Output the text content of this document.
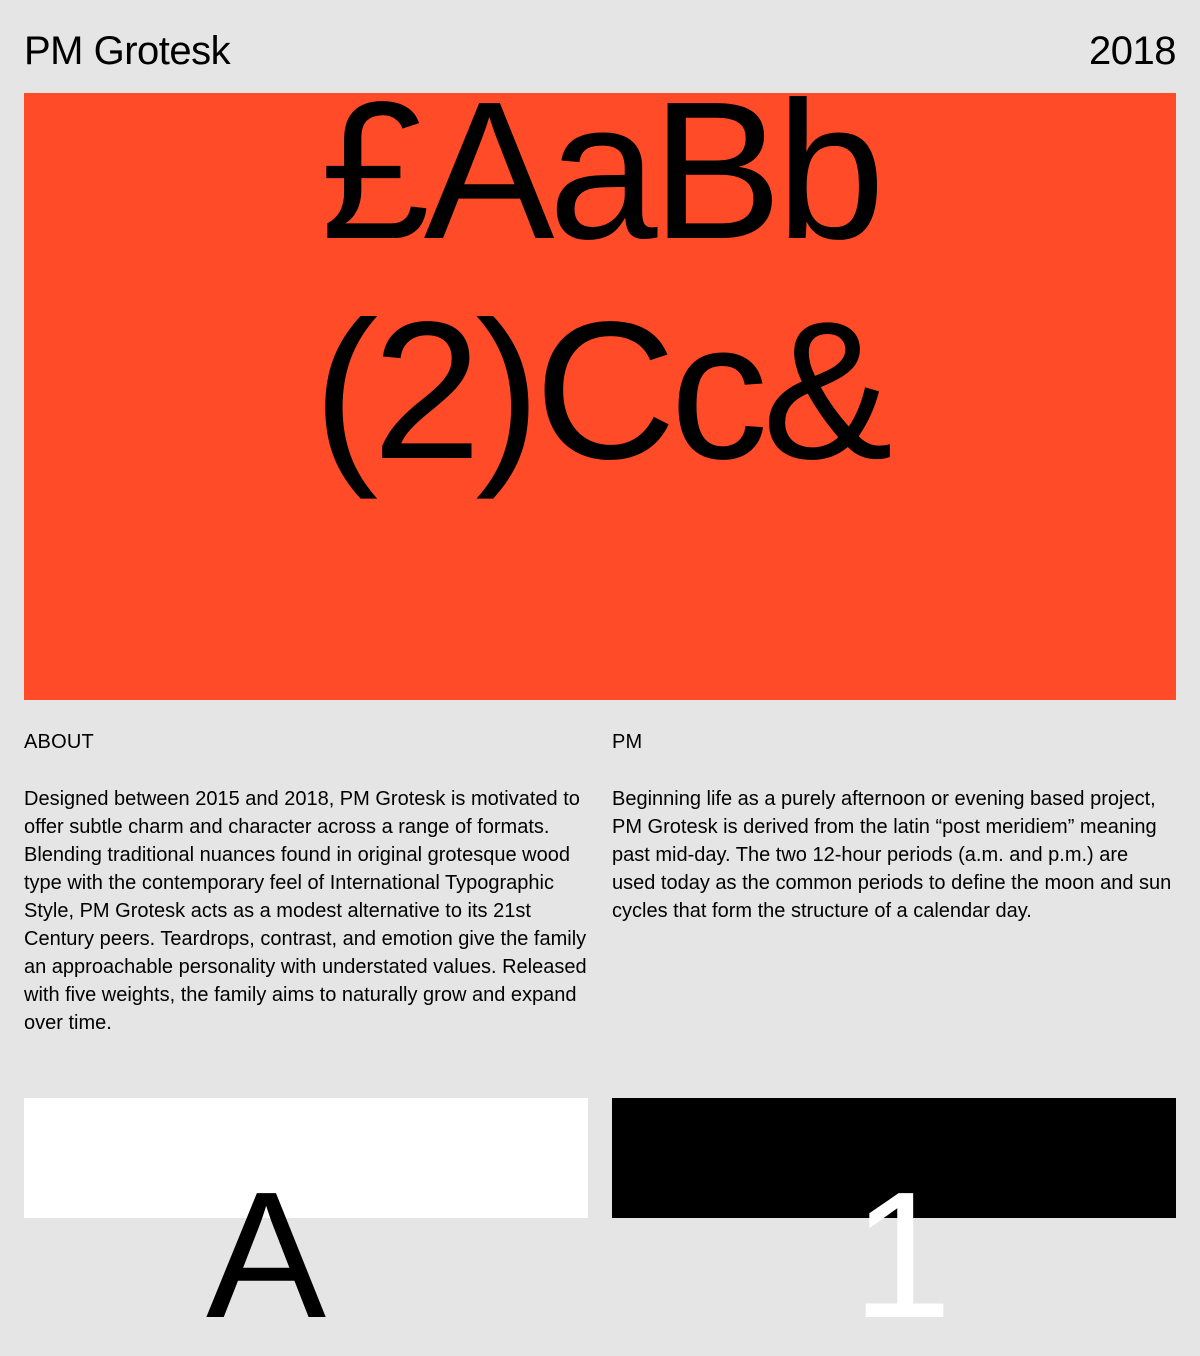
PM Grotesk	2018
£AaBb
(2)Cc&
ABOUT
Designed between 2015 and 2018, PM Grotesk is motivated to offer subtle charm and character across a range of formats. Blending traditional nuances found in original grotesque wood type with the contemporary feel of International Typographic Style, PM Grotesk acts as a modest alternative to its 21st Century peers. Teardrops, contrast, and emotion give the family an approachable personality with understated values. Released with five weights, the family aims to naturally grow and expand over time.
PM
Beginning life as a purely afternoon or evening based project, PM Grotesk is derived from the latin “post meridiem” meaning past mid-day. The two 12-hour periods (a.m. and p.m.) are used today as the common periods to define the moon and sun cycles that form the structure of a calendar day.
A	1
